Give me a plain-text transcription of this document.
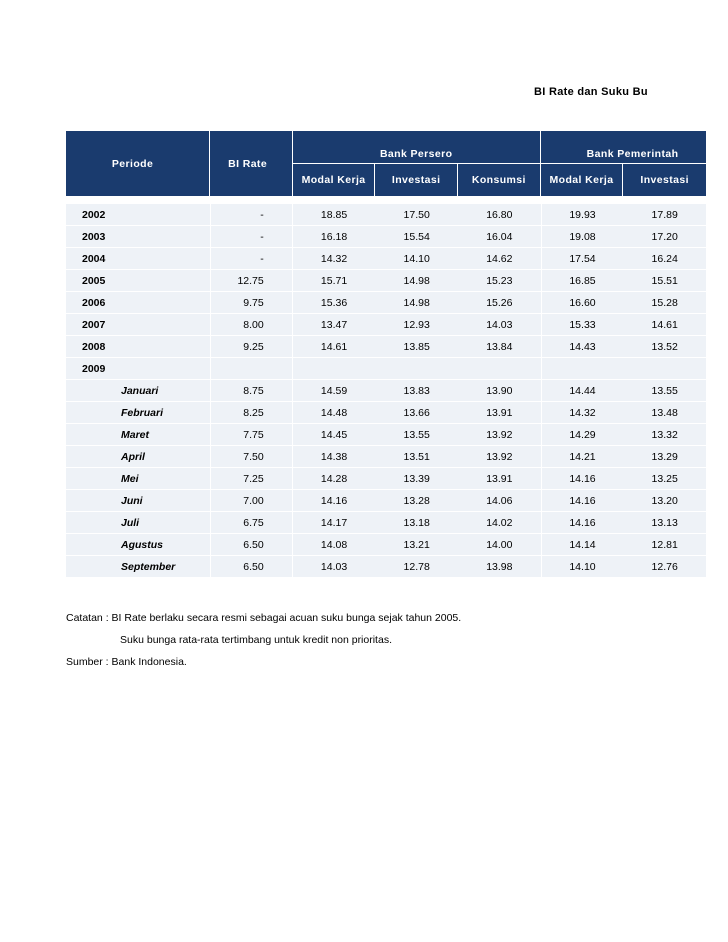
BI Rate dan Suku Bu
Periode	BI Rate	Bank Persero			Bank Pemerintah	
		Modal Kerja	Investasi	Konsumsi	Modal Kerja	Investasi

2002	-	18.85	17.50	16.80	19.93	17.89
2003	-	16.18	15.54	16.04	19.08	17.20
2004	-	14.32	14.10	14.62	17.54	16.24
2005	12.75	15.71	14.98	15.23	16.85	15.51
2006	9.75	15.36	14.98	15.26	16.60	15.28
2007	8.00	13.47	12.93	14.03	15.33	14.61
2008	9.25	14.61	13.85	13.84	14.43	13.52
2009						
Januari	8.75	14.59	13.83	13.90	14.44	13.55
Februari	8.25	14.48	13.66	13.91	14.32	13.48
Maret	7.75	14.45	13.55	13.92	14.29	13.32
April	7.50	14.38	13.51	13.92	14.21	13.29
Mei	7.25	14.28	13.39	13.91	14.16	13.25
Juni	7.00	14.16	13.28	14.06	14.16	13.20
Juli	6.75	14.17	13.18	14.02	14.16	13.13
Agustus	6.50	14.08	13.21	14.00	14.14	12.81
September	6.50	14.03	12.78	13.98	14.10	12.76
Catatan : BI Rate berlaku secara resmi sebagai acuan suku bunga sejak tahun 2005.
Suku bunga rata-rata tertimbang untuk kredit non prioritas.
Sumber : Bank Indonesia.
